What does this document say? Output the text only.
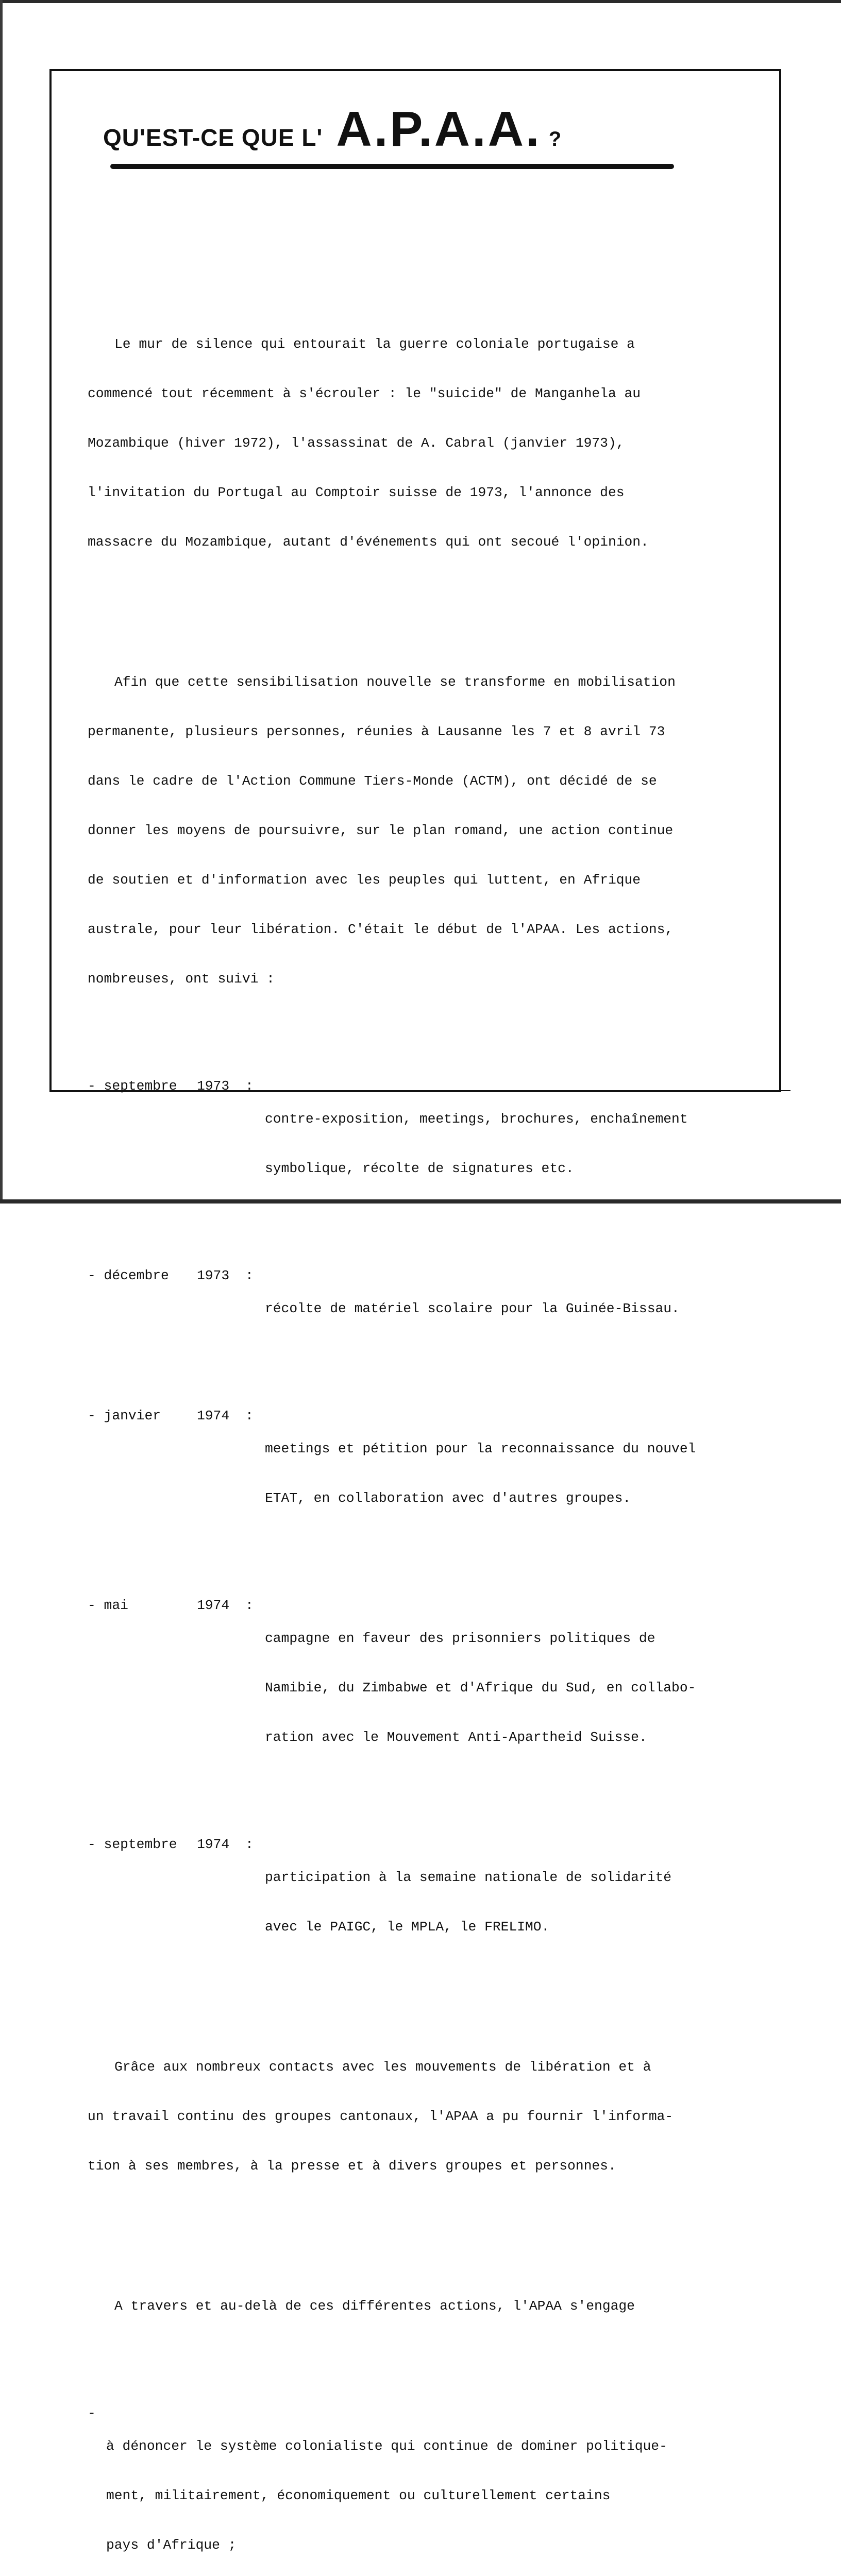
QU'EST-CE QUE L' A.P.A.A. ?

Le mur de silence qui entourait la guerre coloniale portugaise a

commencé tout récemment à s'écrouler : le "suicide" de Manganhela au

Mozambique (hiver 1972), l'assassinat de A. Cabral (janvier 1973),

l'invitation du Portugal au Comptoir suisse de 1973, l'annonce des

massacre du Mozambique, autant d'événements qui ont secoué l'opinion.

Afin que cette sensibilisation nouvelle se transforme en mobilisation

permanente, plusieurs personnes, réunies à Lausanne les 7 et 8 avril 73

dans le cadre de l'Action Commune Tiers-Monde (ACTM), ont décidé de se

donner les moyens de poursuivre, sur le plan romand, une action continue

de soutien et d'information avec les peuples qui luttent, en Afrique

australe, pour leur libération. C'était le début de l'APAA. Les actions,

nombreuses, ont suivi :

- septembre	1973	:

contre-exposition, meetings, brochures, enchaînement

symbolique, récolte de signatures etc.

- décembre	1973	:

récolte de matériel scolaire pour la Guinée-Bissau.

- janvier	1974	:

meetings et pétition pour la reconnaissance du nouvel

ETAT, en collaboration avec d'autres groupes.

- mai	1974	:

campagne en faveur des prisonniers politiques de

Namibie, du Zimbabwe et d'Afrique du Sud, en collabo-

ration avec le Mouvement Anti-Apartheid Suisse.

- septembre	1974	:

participation à la semaine nationale de solidarité

avec le PAIGC, le MPLA, le FRELIMO.

Grâce aux nombreux contacts avec les mouvements de libération et à

un travail continu des groupes cantonaux, l'APAA a pu fournir l'informa-

tion à ses membres, à la presse et à divers groupes et personnes.

A travers et au-delà de ces différentes actions, l'APAA s'engage

-

à dénoncer le système colonialiste qui continue de dominer politique-

ment, militairement, économiquement ou culturellement certains

pays d'Afrique ;
